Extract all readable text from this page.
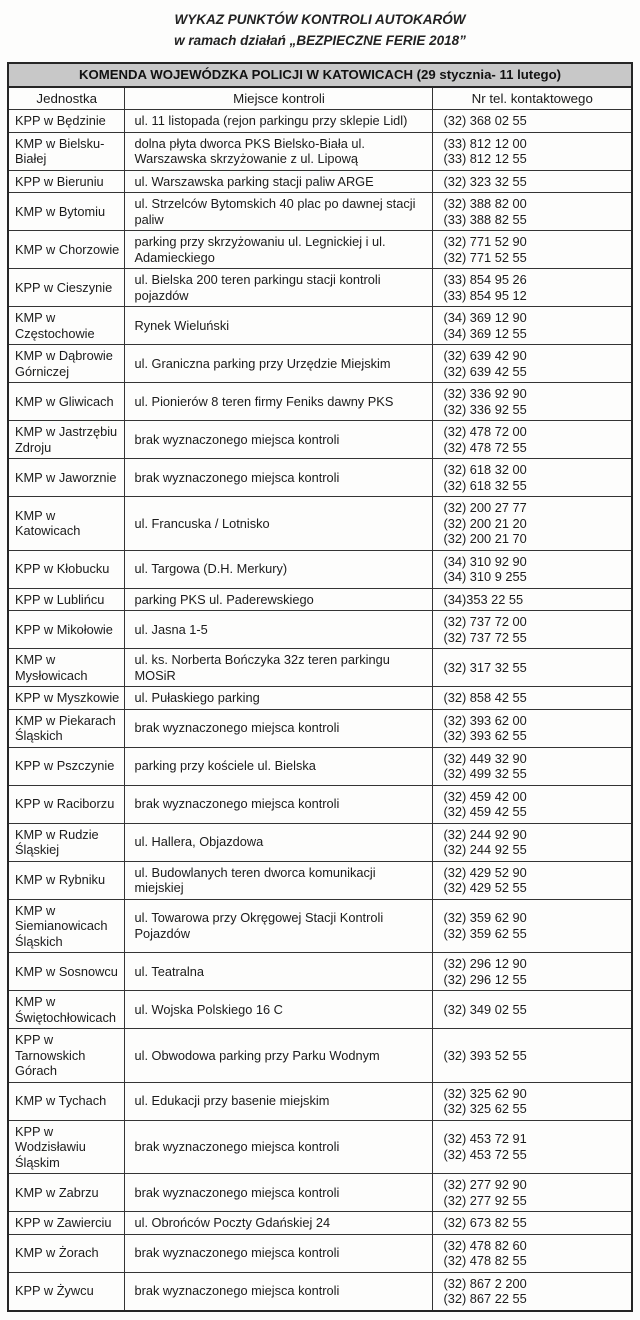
WYKAZ PUNKTÓW KONTROLI AUTOKARÓW
w ramach działań „BEZPIECZNE FERIE 2018”
KOMENDA WOJEWÓDZKA POLICJI W KATOWICACH (29 stycznia- 11 lutego)		
Jednostka	Miejsce kontroli	Nr tel. kontaktowego
KPP w Będzinie	ul. 11 listopada (rejon parkingu przy sklepie Lidl)	(32) 368 02 55

KMP w Bielsku-Białej	dolna płyta dworca PKS Bielsko-Biała ul. Warszawska skrzyżowanie z ul. Lipową	(33) 812 12 00
(33) 812 12 55

KPP w Bieruniu	ul. Warszawska parking stacji paliw ARGE	(32) 323 32 55

KMP w Bytomiu	ul. Strzelców Bytomskich 40 plac po dawnej stacji paliw	(32) 388 82 00
(33) 388 82 55

KMP w Chorzowie	parking przy skrzyżowaniu ul. Legnickiej i ul. Adamieckiego	(32) 771 52 90
(32) 771 52 55

KPP w Cieszynie	ul. Bielska 200 teren parkingu stacji kontroli pojazdów	(33) 854 95 26
(33) 854 95 12

KMP w Częstochowie	Rynek Wieluński	(34) 369 12 90
(34) 369 12 55

KMP w Dąbrowie Górniczej	ul. Graniczna parking przy Urzędzie Miejskim	(32) 639 42 90
(32) 639 42 55

KMP w Gliwicach	ul. Pionierów 8 teren firmy Feniks dawny PKS	(32) 336 92 90
(32) 336 92 55

KMP w Jastrzębiu Zdroju	brak wyznaczonego miejsca kontroli	(32) 478 72 00
(32) 478 72 55

KMP w Jaworznie	brak wyznaczonego miejsca kontroli	(32) 618 32 00
(32) 618 32 55

KMP w Katowicach	ul. Francuska / Lotnisko	(32) 200 27 77
(32) 200 21 20
(32) 200 21 70

KPP w Kłobucku	ul. Targowa (D.H. Merkury)	(34) 310 92 90
(34) 310 9 255

KPP w Lublińcu	parking PKS ul. Paderewskiego	(34)353 22 55

KPP w Mikołowie	ul. Jasna 1-5	(32) 737 72 00
(32) 737 72 55

KMP w Mysłowicach	ul. ks. Norberta Bończyka 32z teren parkingu MOSiR	(32) 317 32 55

KPP w Myszkowie	ul. Pułaskiego parking	(32) 858 42 55

KMP w Piekarach Śląskich	brak wyznaczonego miejsca kontroli	(32) 393 62 00
(32) 393 62 55

KPP w Pszczynie	parking przy kościele ul. Bielska	(32) 449 32 90
(32) 499 32 55

KPP w Raciborzu	brak wyznaczonego miejsca kontroli	(32) 459 42 00
(32) 459 42 55

KMP w Rudzie Śląskiej	ul. Hallera, Objazdowa	(32) 244 92 90
(32) 244 92 55

KMP w Rybniku	ul. Budowlanych teren dworca komunikacji miejskiej	(32) 429 52 90
(32) 429 52 55

KMP w Siemianowicach Śląskich	ul. Towarowa przy Okręgowej Stacji Kontroli Pojazdów	(32) 359 62 90
(32) 359 62 55

KMP w Sosnowcu	ul. Teatralna	(32) 296 12 90
(32) 296 12 55

KMP w Świętochłowicach	ul. Wojska Polskiego 16 C	(32) 349 02 55

KPP w Tarnowskich Górach	ul. Obwodowa parking przy Parku Wodnym	(32) 393 52 55

KMP w Tychach	ul. Edukacji przy basenie miejskim	(32) 325 62 90
(32) 325 62 55

KPP w Wodzisławiu Śląskim	brak wyznaczonego miejsca kontroli	(32) 453 72 91
(32) 453 72 55

KMP w Zabrzu	brak wyznaczonego miejsca kontroli	(32) 277 92 90
(32) 277 92 55

KPP w Zawierciu	ul. Obrońców Poczty Gdańskiej 24	(32) 673 82 55

KMP w Żorach	brak wyznaczonego miejsca kontroli	(32) 478 82 60
(32) 478 82 55

KPP w Żywcu	brak wyznaczonego miejsca kontroli	(32) 867 2 200
(32) 867 22 55
